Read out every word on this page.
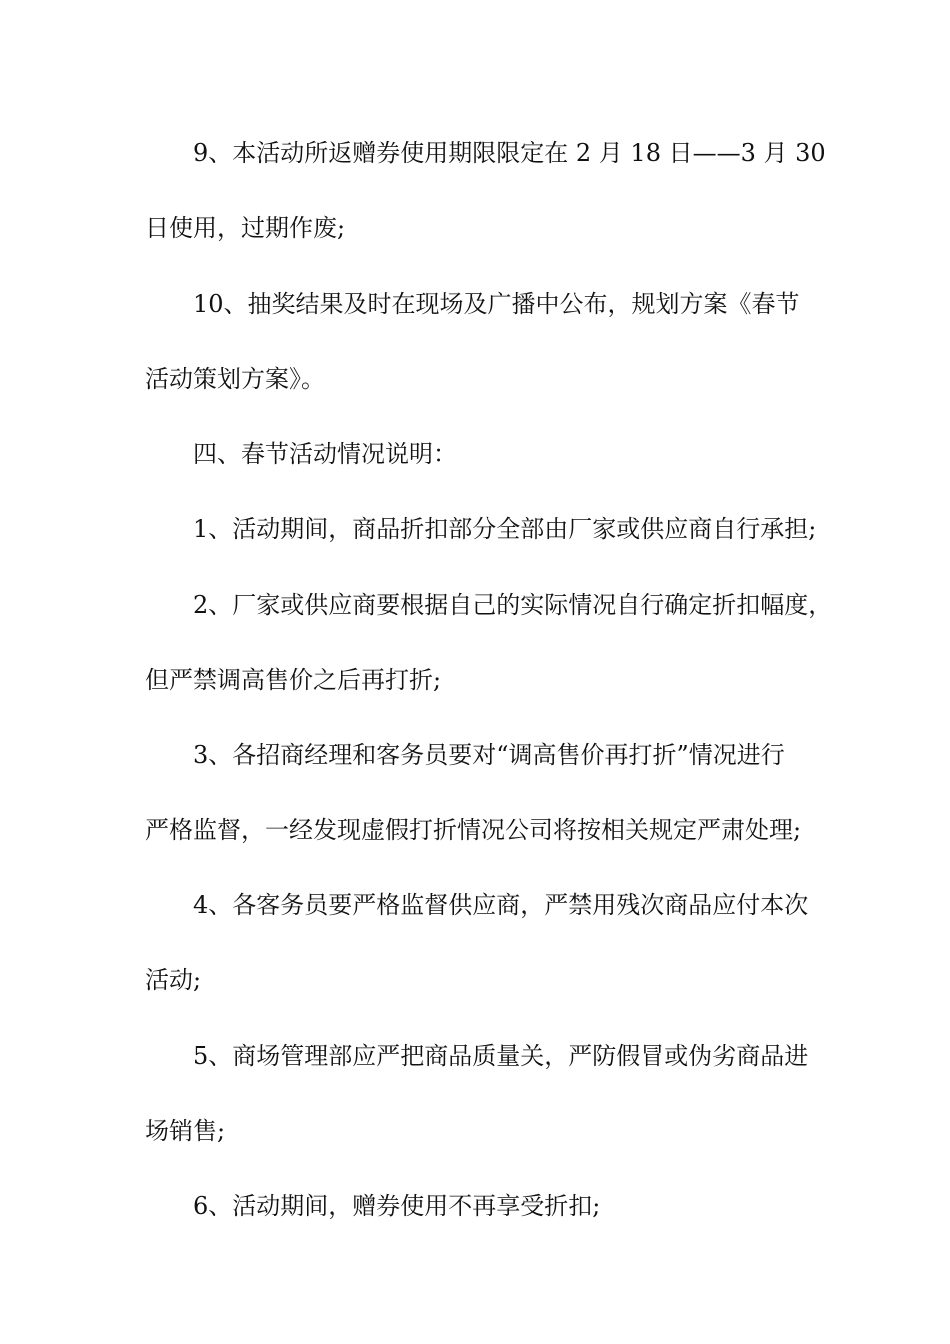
9、本活动所返赠券使用期限限定在 2 月 18 日——3 月 30
日使用，过期作废;
10、抽奖结果及时在现场及广播中公布，规划方案《春节
活动策划方案》。
四、春节活动情况说明：
1、活动期间，商品折扣部分全部由厂家或供应商自行承担;
2、厂家或供应商要根据自己的实际情况自行确定折扣幅度，
但严禁调高售价之后再打折;
3、各招商经理和客务员要对“调高售价再打折”情况进行
严格监督，一经发现虚假打折情况公司将按相关规定严肃处理;
4、各客务员要严格监督供应商，严禁用残次商品应付本次
活动;
5、商场管理部应严把商品质量关，严防假冒或伪劣商品进
场销售;
6、活动期间，赠券使用不再享受折扣;
